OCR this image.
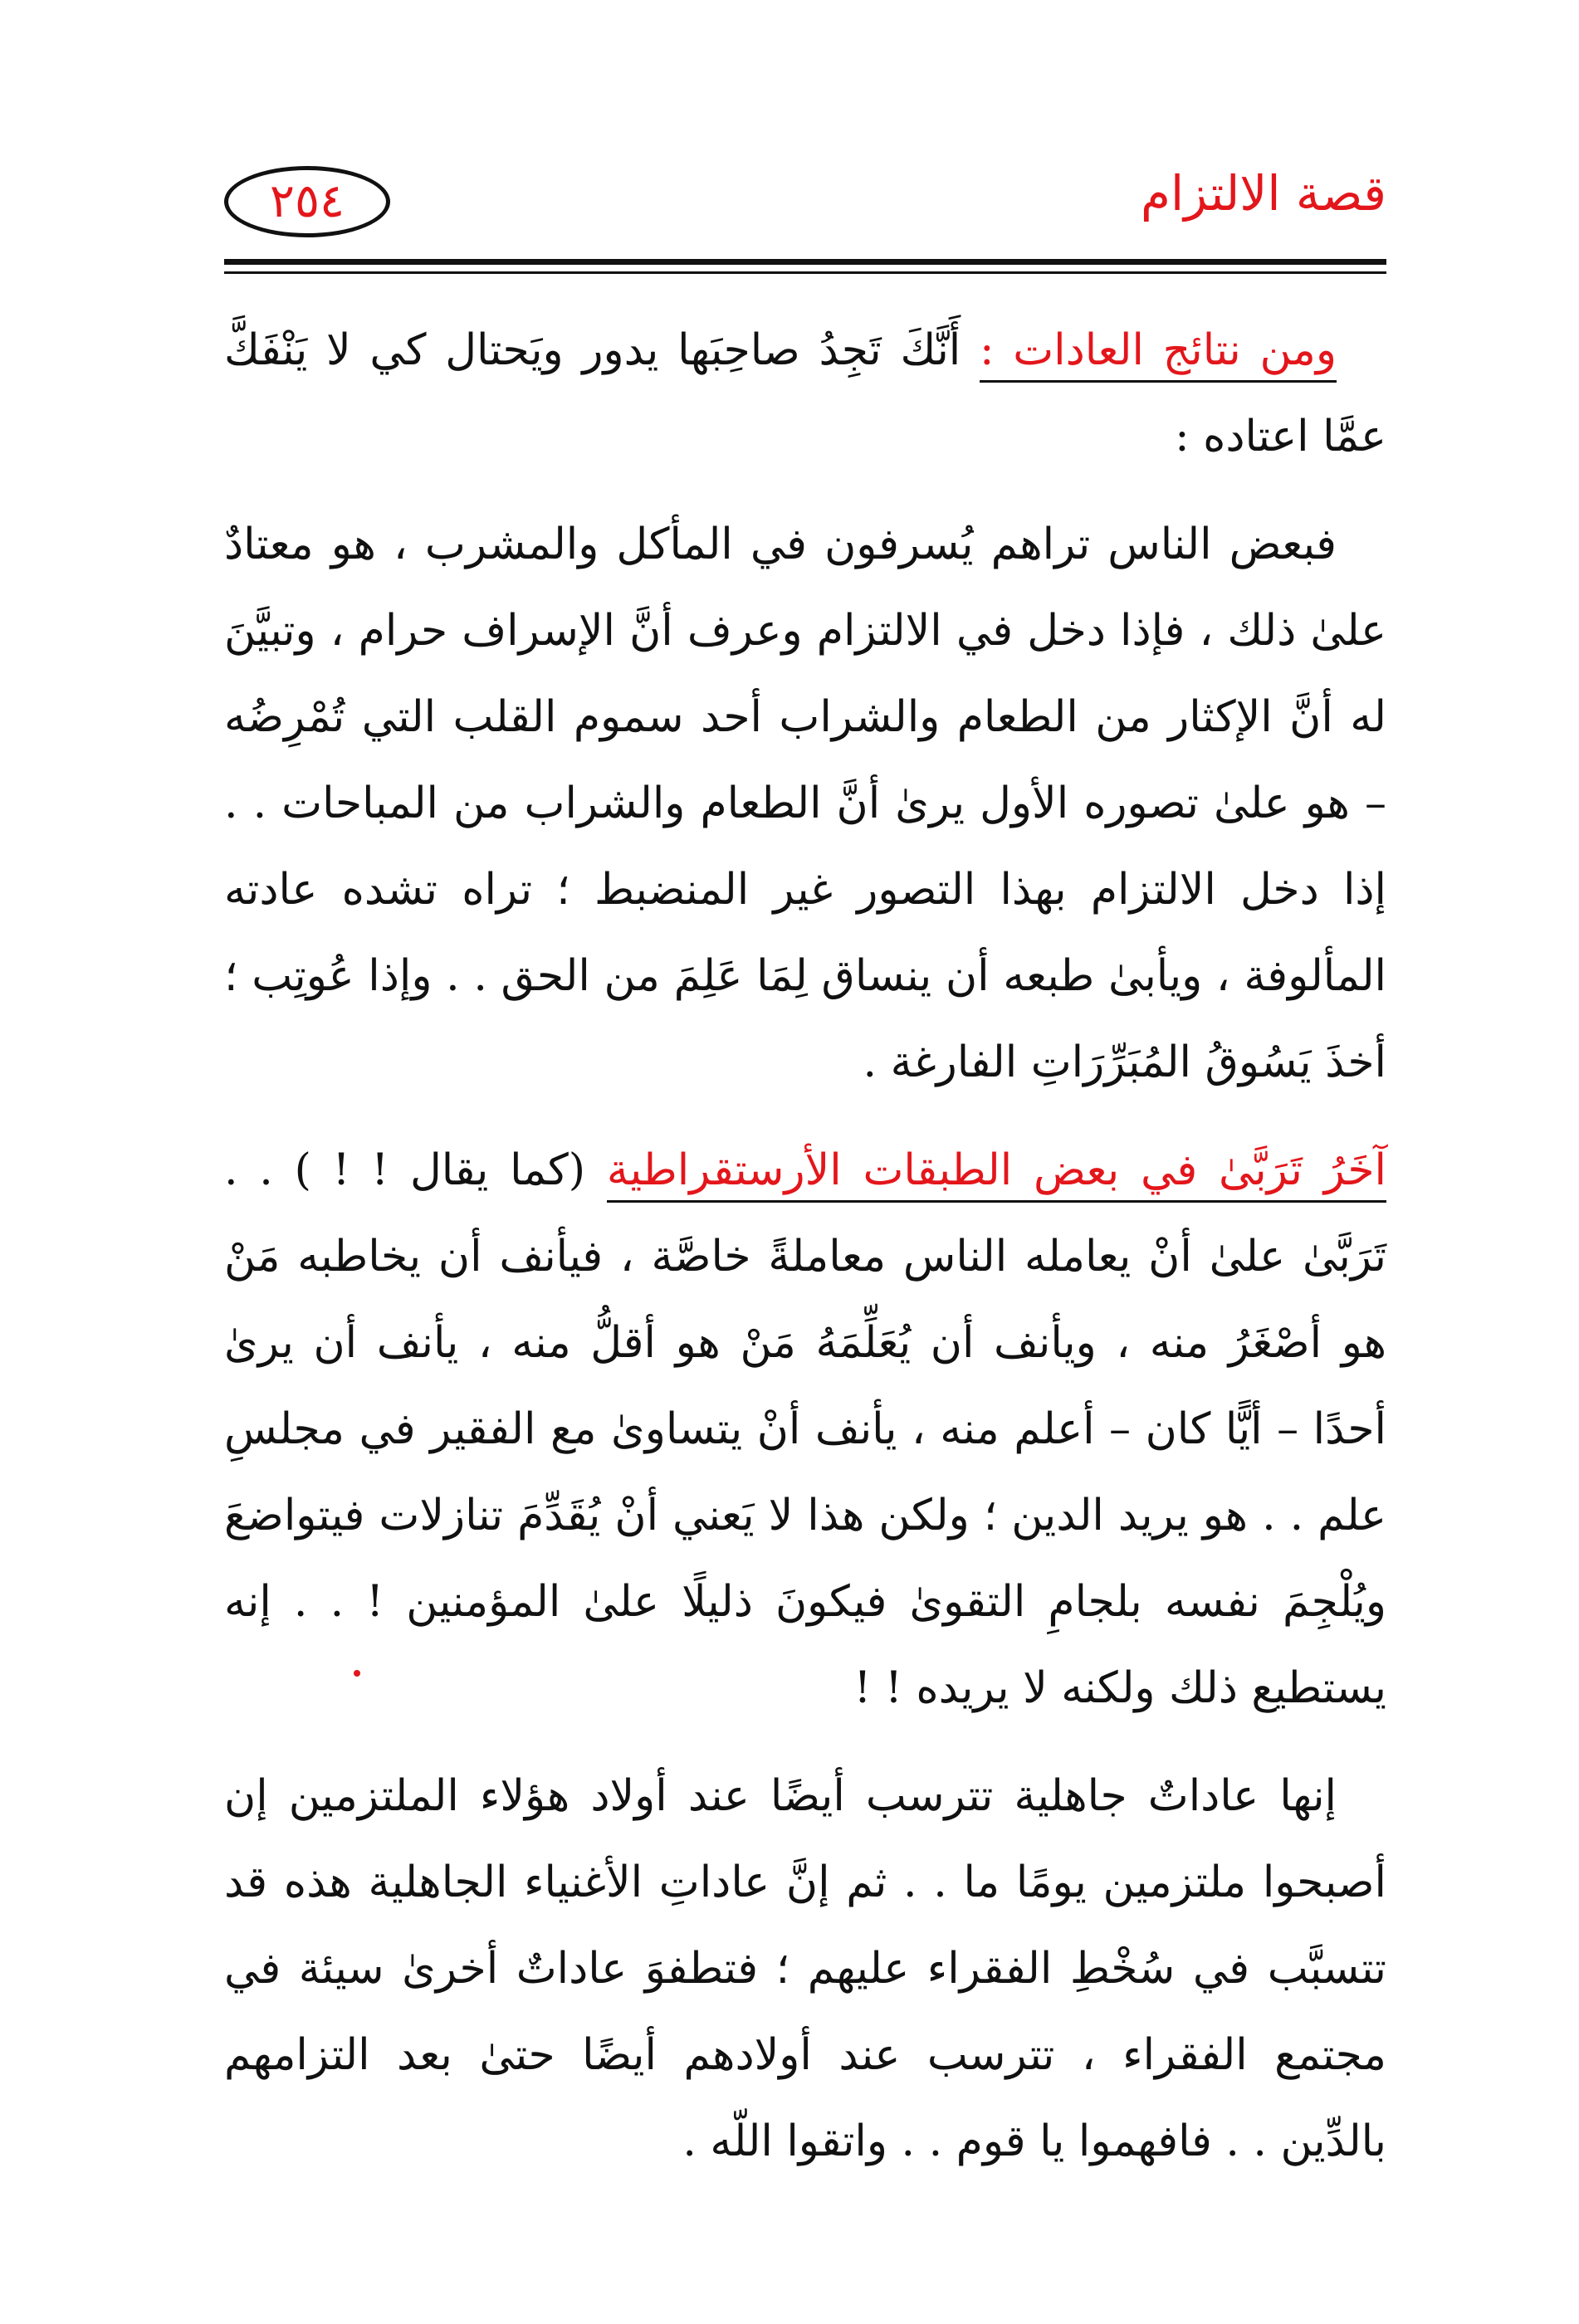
قصة الالتزام
٢٥٤

ومن نتائج العادات : أَنَّكَ تَجِدُ صاحِبَها يدور ويَحتال كي لا يَنْفَكَّ عمَّا اعتاده :

فبعض الناس تراهم يُسرفون في المأكل والمشرب ، هو معتادٌ علىٰ ذلك ، فإذا دخل في الالتزام وعرف أنَّ الإسراف حرام ، وتبيَّنَ له أنَّ الإكثار من الطعام والشراب أحد سموم القلب التي تُمْرِضُه – هو علىٰ تصوره الأول يرىٰ أنَّ الطعام والشراب من المباحات . . إذا دخل الالتزام بهذا التصور غير المنضبط ؛ تراه تشده عادته المألوفة ، ويأبىٰ طبعه أن ينساق لِمَا عَلِمَ من الحق . . وإذا عُوتِب ؛ أخذَ يَسُوقُ المُبَرِّرَاتِ الفارغة .

آخَرُ تَرَبَّىٰ في بعض الطبقات الأرستقراطية (كما يقال ! ! ) . . تَرَبَّىٰ علىٰ أنْ يعامله الناس معاملةً خاصَّة ، فيأنف أن يخاطبه مَنْ هو أصْغَرُ منه ، ويأنف أن يُعَلِّمَهُ مَنْ هو أقلُّ منه ، يأنف أن يرىٰ أحدًا – أيًّا كان – أعلم منه ، يأنف أنْ يتساوىٰ مع الفقير في مجلسِ علم . . هو يريد الدين ؛ ولكن هذا لا يَعني أنْ يُقَدِّمَ تنازلات فيتواضعَ ويُلْجِمَ نفسه بلجامِ التقوىٰ فيكونَ ذليلًا علىٰ المؤمنين ! . . إنه يستطيع ذلك ولكنه لا يريده ! !

إنها عاداتٌ جاهلية تترسب أيضًا عند أولاد هؤلاء الملتزمين إن أصبحوا ملتزمين يومًا ما . . ثم إنَّ عاداتِ الأغنياء الجاهلية هذه قد تتسبَّب في سُخْطِ الفقراء عليهم ؛ فتطفوَ عاداتٌ أخرىٰ سيئة في مجتمع الفقراء ، تترسب عند أولادهم أيضًا حتىٰ بعد التزامهم بالدِّين . . فافهموا يا قوم . . واتقوا اللّه .
